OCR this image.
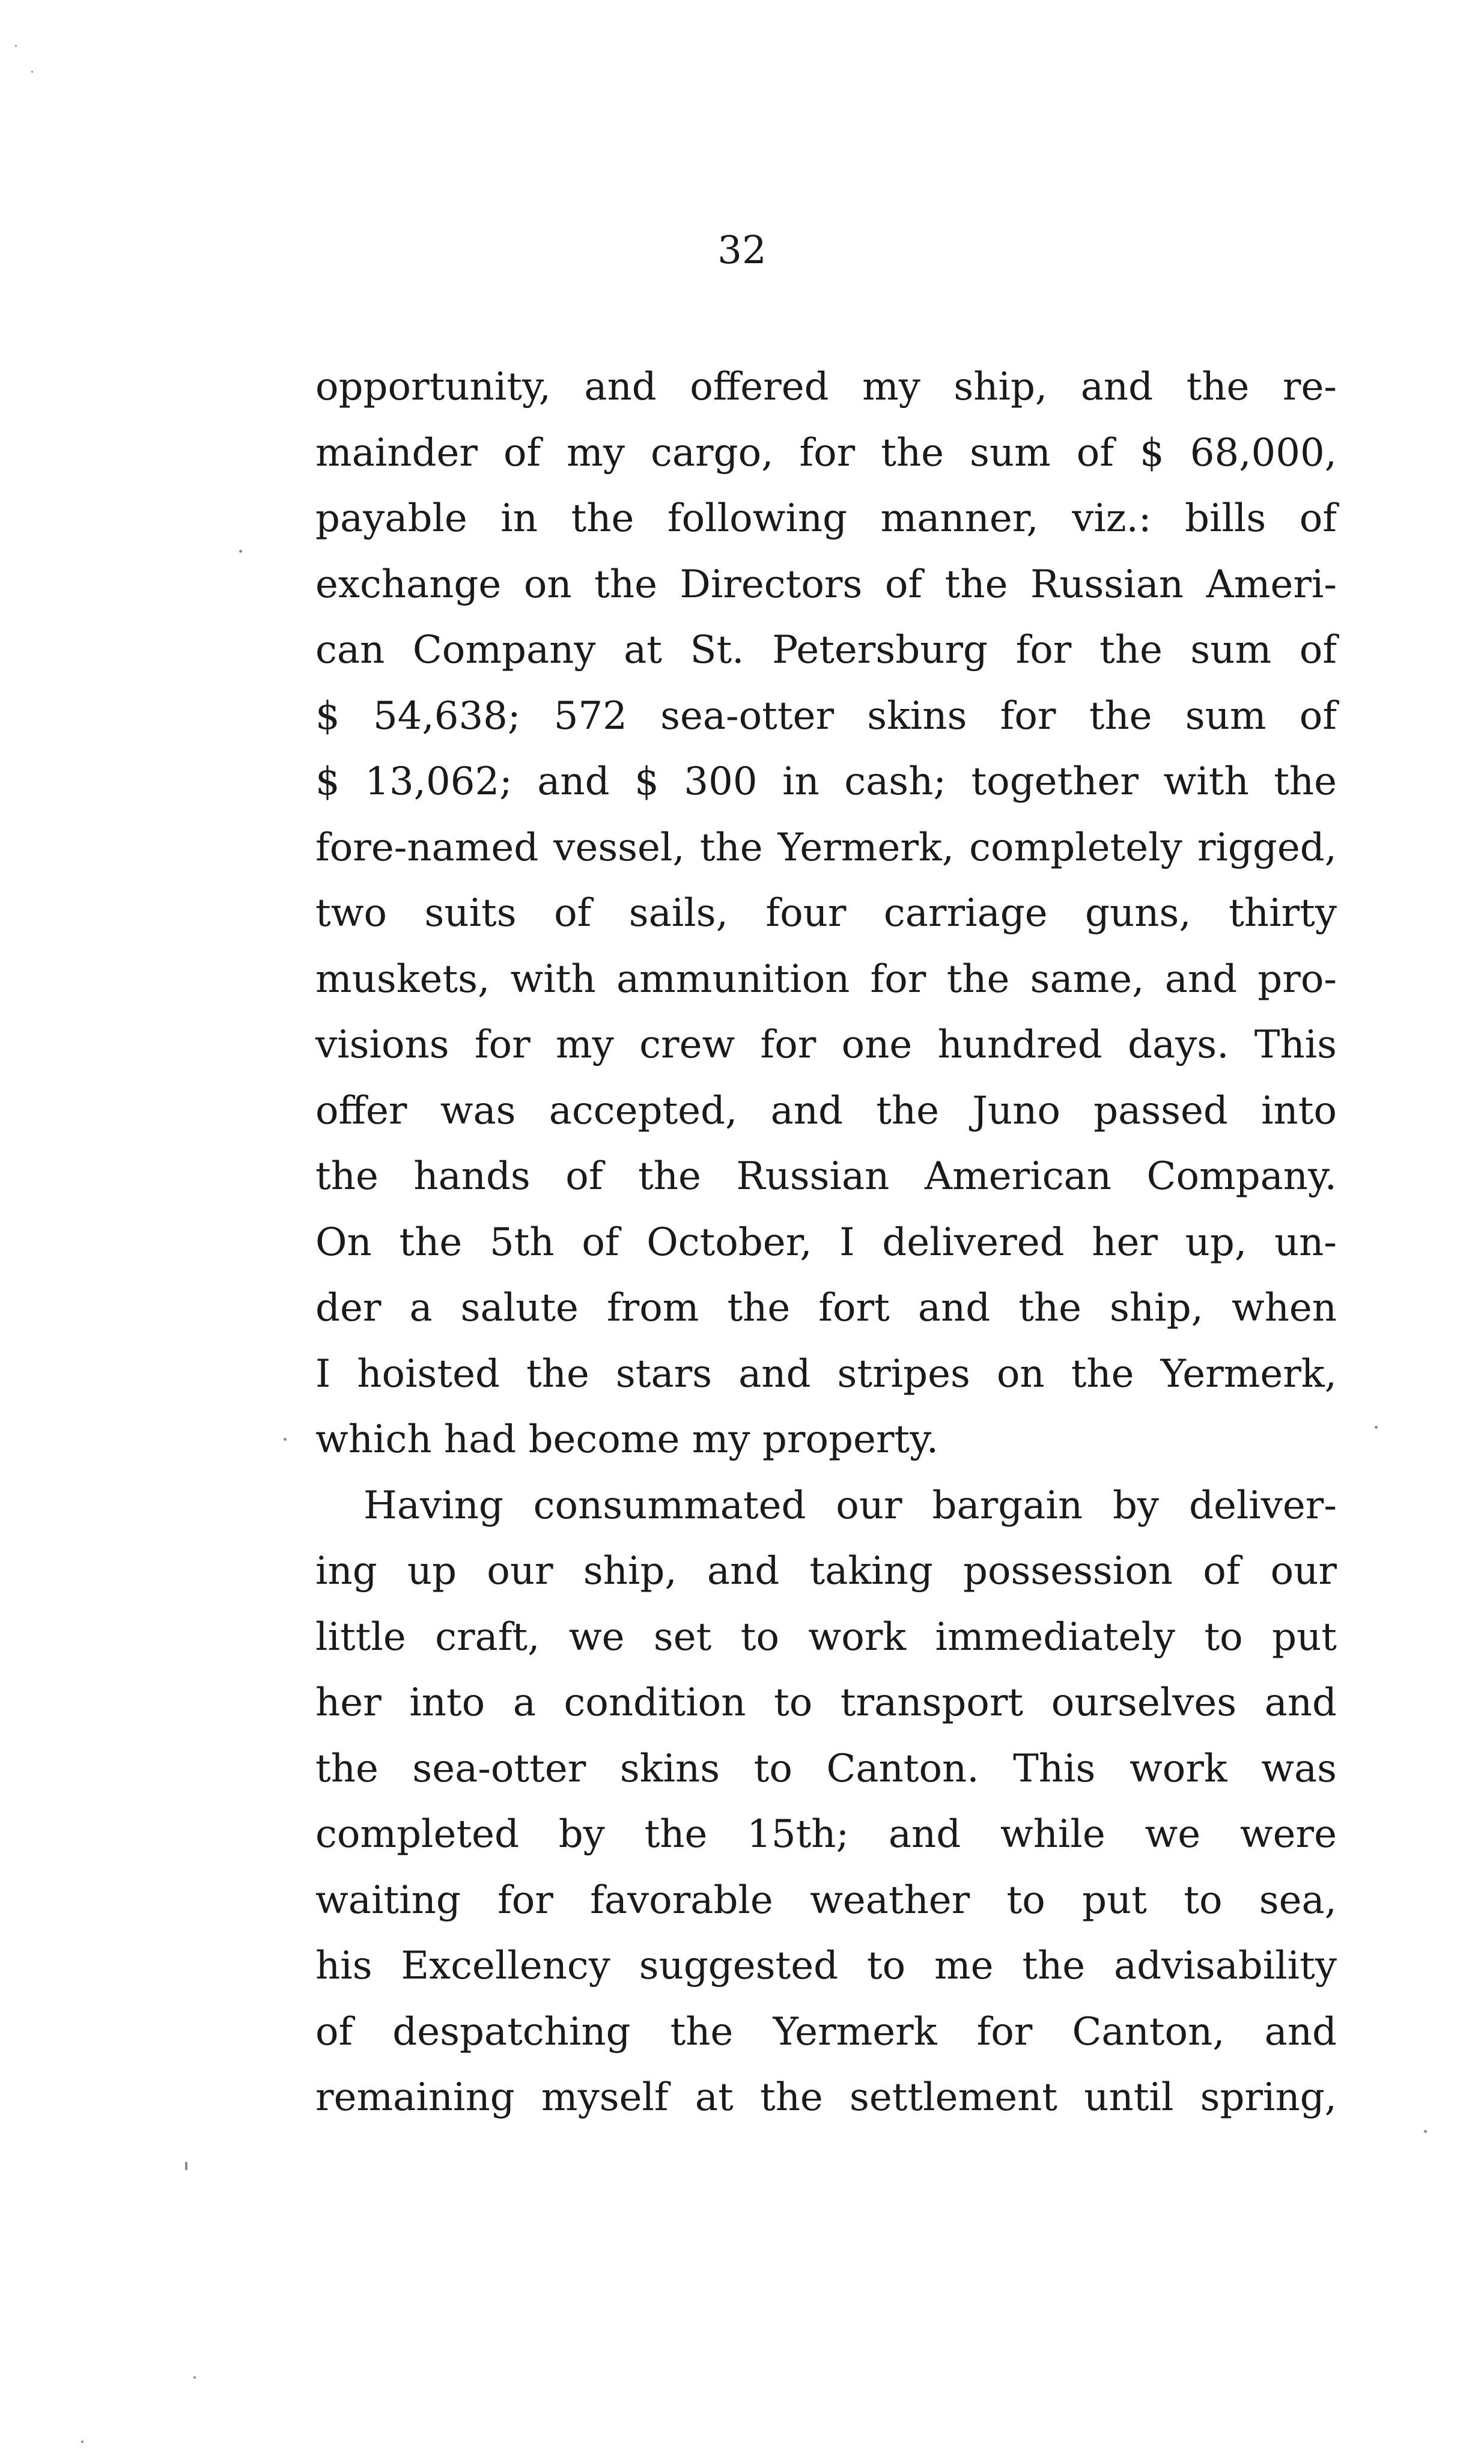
32
opportunity, and offered my ship, and the re-
mainder of my cargo, for the sum of $ 68,000,
payable in the following manner, viz.: bills of
exchange on the Directors of the Russian Ameri-
can Company at St. Petersburg for the sum of
$ 54,638; 572 sea-otter skins for the sum of
$ 13,062; and $ 300 in cash; together with the
fore-named vessel, the Yermerk, completely rigged,
two suits of sails, four carriage guns, thirty
muskets, with ammunition for the same, and pro-
visions for my crew for one hundred days. This
offer was accepted, and the Juno passed into
the hands of the Russian American Company.
On the 5th of October, I delivered her up, un-
der a salute from the fort and the ship, when
I hoisted the stars and stripes on the Yermerk,
which had become my property.
Having consummated our bargain by deliver-
ing up our ship, and taking possession of our
little craft, we set to work immediately to put
her into a condition to transport ourselves and
the sea-otter skins to Canton. This work was
completed by the 15th; and while we were
waiting for favorable weather to put to sea,
his Excellency suggested to me the advisability
of despatching the Yermerk for Canton, and
remaining myself at the settlement until spring,
